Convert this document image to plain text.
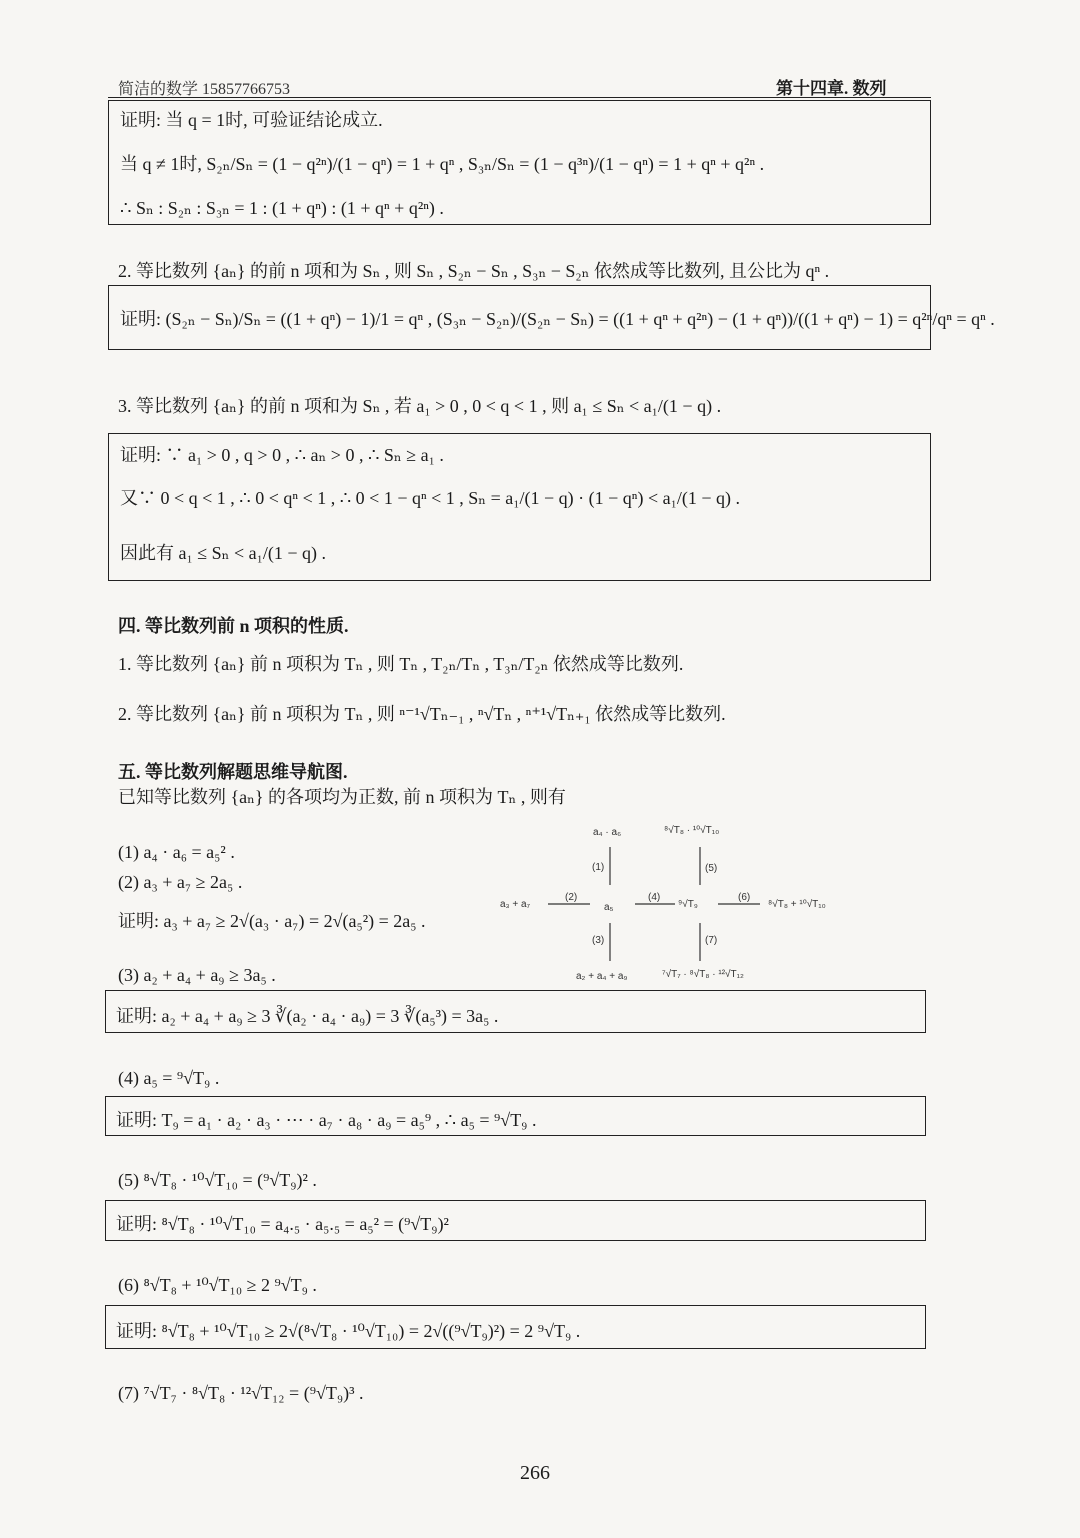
简洁的数学 15857766753	第十四章. 数列
证明: 当 q = 1时, 可验证结论成立.
当 q ≠ 1时, S₂ₙ/Sₙ = (1 − q²ⁿ)/(1 − qⁿ) = 1 + qⁿ , S₃ₙ/Sₙ = (1 − q³ⁿ)/(1 − qⁿ) = 1 + qⁿ + q²ⁿ .
∴ Sₙ : S₂ₙ : S₃ₙ = 1 : (1 + qⁿ) : (1 + qⁿ + q²ⁿ) .
2. 等比数列 {aₙ} 的前 n 项和为 Sₙ , 则 Sₙ , S₂ₙ − Sₙ , S₃ₙ − S₂ₙ 依然成等比数列, 且公比为 qⁿ .
证明: (S₂ₙ − Sₙ)/Sₙ = ((1 + qⁿ) − 1)/1 = qⁿ , (S₃ₙ − S₂ₙ)/(S₂ₙ − Sₙ) = ((1 + qⁿ + q²ⁿ) − (1 + qⁿ))/((1 + qⁿ) − 1) = q²ⁿ/qⁿ = qⁿ .
3. 等比数列 {aₙ} 的前 n 项和为 Sₙ , 若 a₁ > 0 , 0 < q < 1 , 则 a₁ ≤ Sₙ < a₁/(1 − q) .
证明: ∵ a₁ > 0 , q > 0 , ∴ aₙ > 0 , ∴ Sₙ ≥ a₁ .
又∵ 0 < q < 1 , ∴ 0 < qⁿ < 1 , ∴ 0 < 1 − qⁿ < 1 , Sₙ = a₁/(1 − q) · (1 − qⁿ) < a₁/(1 − q) .
因此有 a₁ ≤ Sₙ < a₁/(1 − q) .
四. 等比数列前 n 项积的性质.
1. 等比数列 {aₙ} 前 n 项积为 Tₙ , 则 Tₙ , T₂ₙ/Tₙ , T₃ₙ/T₂ₙ 依然成等比数列.
2. 等比数列 {aₙ} 前 n 项积为 Tₙ , 则 ⁿ⁻¹√Tₙ₋₁ , ⁿ√Tₙ , ⁿ⁺¹√Tₙ₊₁ 依然成等比数列.
五. 等比数列解题思维导航图.
已知等比数列 {aₙ} 的各项均为正数, 前 n 项积为 Tₙ , 则有
(1) a₄ · a₆ = a₅² .
(2) a₃ + a₇ ≥ 2a₅ .
证明: a₃ + a₇ ≥ 2√(a₃ · a₇) = 2√(a₅²) = 2a₅ .
(3) a₂ + a₄ + a₉ ≥ 3a₅ .
证明: a₂ + a₄ + a₉ ≥ 3 ∛(a₂ · a₄ · a₉) = 3 ∛(a₅³) = 3a₅ .
(4) a₅ = ⁹√T₉ .
证明: T₉ = a₁ · a₂ · a₃ · ⋯ · a₇ · a₈ · a₉ = a₅⁹ , ∴ a₅ = ⁹√T₉ .
(5) ⁸√T₈ · ¹⁰√T₁₀ = (⁹√T₉)² .
证明: ⁸√T₈ · ¹⁰√T₁₀ = a₄.₅ · a₅.₅ = a₅² = (⁹√T₉)²
(6) ⁸√T₈ + ¹⁰√T₁₀ ≥ 2 ⁹√T₉ .
证明: ⁸√T₈ + ¹⁰√T₁₀ ≥ 2√(⁸√T₈ · ¹⁰√T₁₀) = 2√((⁹√T₉)²) = 2 ⁹√T₉ .
(7) ⁷√T₇ · ⁸√T₈ · ¹²√T₁₂ = (⁹√T₉)³ .
a₄ · a₆	⁸√T₈ · ¹⁰√T₁₀
(1)	(5)
a₃ + a₇
(2)
a₅
(4)
⁹√T₉
(6)
⁸√T₈ + ¹⁰√T₁₀
(3)	(7)
a₂ + a₄ + a₉	⁷√T₇ · ⁸√T₈ · ¹²√T₁₂
266
